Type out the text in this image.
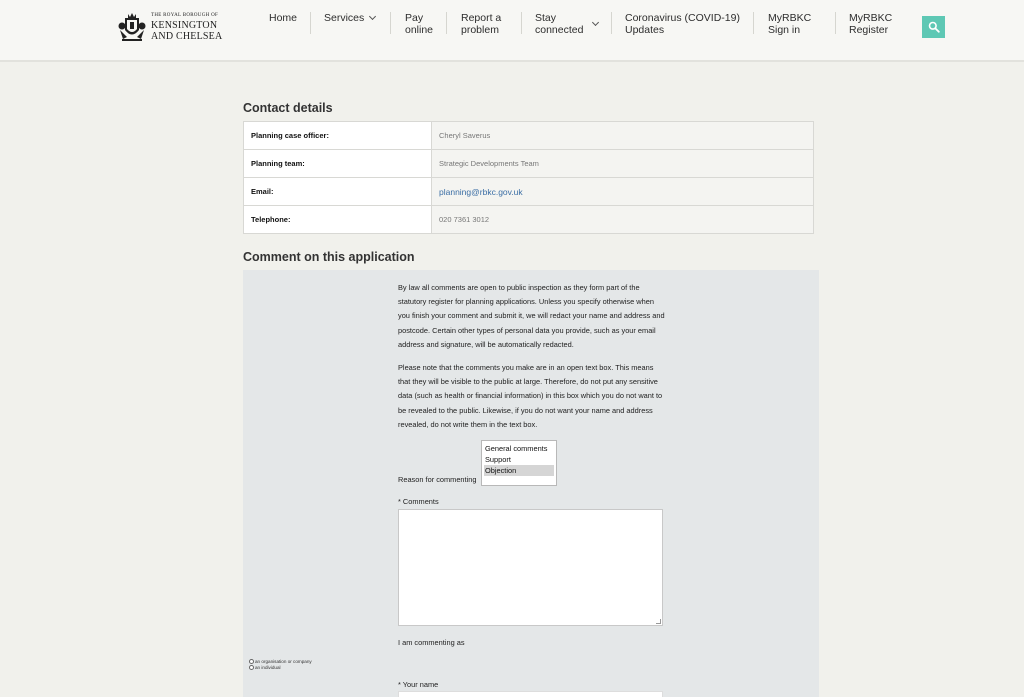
THE ROYAL BOROUGH OF
KENSINGTON
AND CHELSEA
Home	Services	Pay
online
Report a
problem
Stay
connected
Coronavirus (COVID-19)
Updates
MyRBKC
Sign in
MyRBKC
Register
Contact details
Planning case officer:	Cheryl Saverus
Planning team:	Strategic Developments Team
Email:	planning@rbkc.gov.uk
Telephone:	020 7361 3012
Comment on this application

By law all comments are open to public inspection as they form part of the statutory register for planning applications. Unless you specify otherwise when you finish your comment and submit it, we will redact your name and address and postcode. Certain other types of personal data you provide, such as your email address and signature, will be automatically redacted.

Please note that the comments you make are in an open text box. This means that they will be visible to the public at large. Therefore, do not put any sensitive data (such as health or financial information) in this box which you do not want to be revealed to the public. Likewise, if you do not want your name and address revealed, do not write them in the text box.

Reason for commenting
General comments
Support
Objection
* Comments
I am commenting as
an organisation or company
an individual
* Your name
